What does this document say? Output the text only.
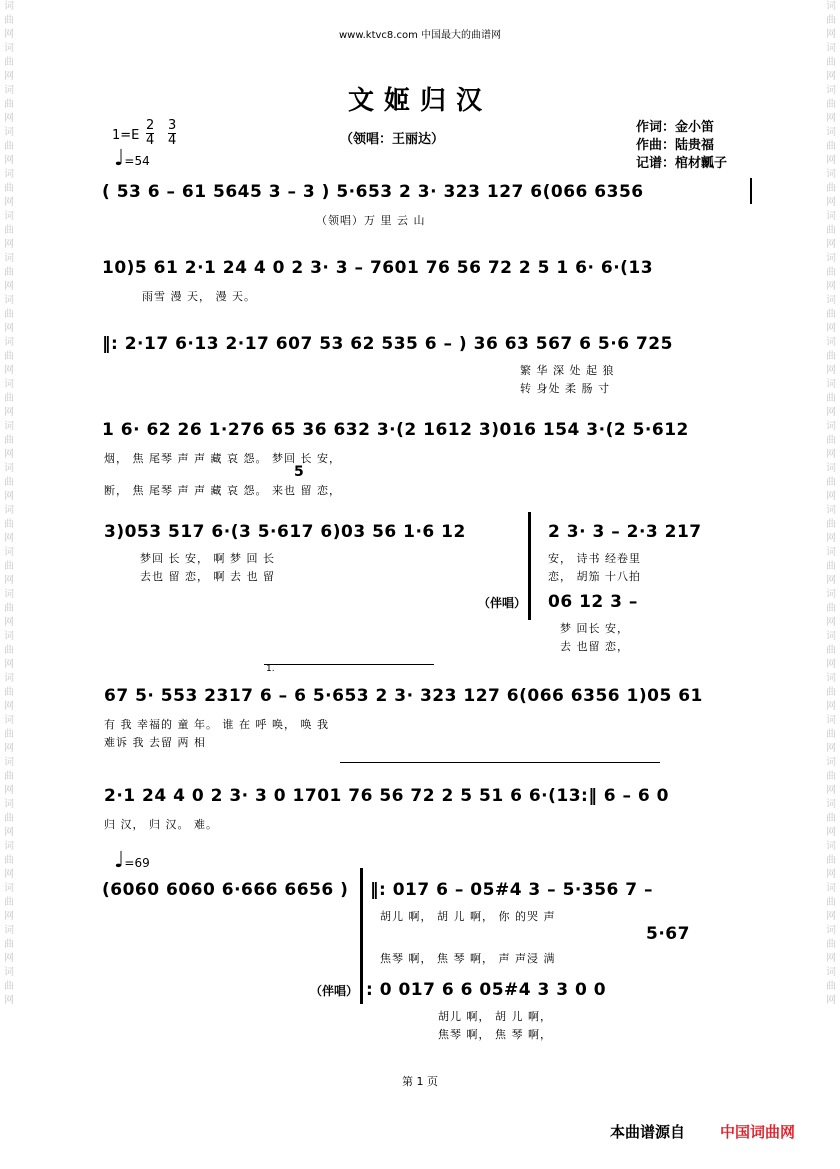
词曲网词曲网词曲网词曲网词曲网词曲网词曲网词曲网词曲网词曲网词曲网词曲网词曲网词曲网词曲网词曲网词曲网词曲网词曲网词曲网词曲网词曲网词曲网词曲网
词曲网词曲网词曲网词曲网词曲网词曲网词曲网词曲网词曲网词曲网词曲网词曲网词曲网词曲网词曲网词曲网词曲网词曲网词曲网词曲网词曲网词曲网词曲网词曲网
www.ktvc8.com 中国最大的曲谱网
文姬归汉
（领唱：王丽达）
作词：金小笛
作曲：陆贵福
记谱：棺材瓤子
$1=E \frac{2}{4} \frac{3}{4}$
♩=54
( 53 6 – 61 5645 3 – 3 ) 5·653 2 3· 323 127 6(066 6356
（领唱）万 里 云 山
10)5 61 2·1 24 4 0 2 3· 3 – 7601 76 56 72 2 5 1 6· 6·(13
雨雪 漫 天， 漫 天。
‖: 2·17 6·13 2·17 607 53 62 535 6 – ) 36 63 567 6 5·6 725
繁 华 深 处 起 狼
转 身处 柔 肠 寸
1 6· 62 26 1·276 65 36 632 3·(2 1612 3)016 154 3·(2 5·612
烟， 焦 尾琴 声 声 藏 哀 怨。 梦回 长 安，
5
断， 焦 尾琴 声 声 藏 哀 怨。 来也 留 恋，
3)053 517 6·(3 5·617 6)03 56 1·6 12	2 3· 3 – 2·3 217
梦回 长 安， 啊 梦 回 长
去也 留 恋， 啊 去 也 留
安， 诗书 经卷里
恋， 胡笳 十八拍
（伴唱） 06 12 3 –
梦 回长 安，
去 也留 恋，
1.
67 5· 553 2317 6 – 6 5·653 2 3· 323 127 6(066 6356 1)05 61
有 我 幸福的 童 年。 谁 在 呼 唤， 唤 我
难诉 我 去留 两 相
2·1 24 4 0 2 3· 3 0 1701 76 56 72 2 5 51 6 6·(13:‖ 6 – 6 0
归 汉， 归 汉。 难。
♩=69
(6060 6060 6·666 6656 ) ‖: 017 6 – 05#4 3 – 5·356 7 –
胡儿 啊， 胡 儿 啊， 你 的哭 声
5·67
焦琴 啊， 焦 琴 啊， 声 声浸 满
（伴唱） : 0 017 6 6 05#4 3 3 0 0
胡儿 啊， 胡 儿 啊，
焦琴 啊， 焦 琴 啊，
第 1 页
本曲谱源自 中国词曲网
